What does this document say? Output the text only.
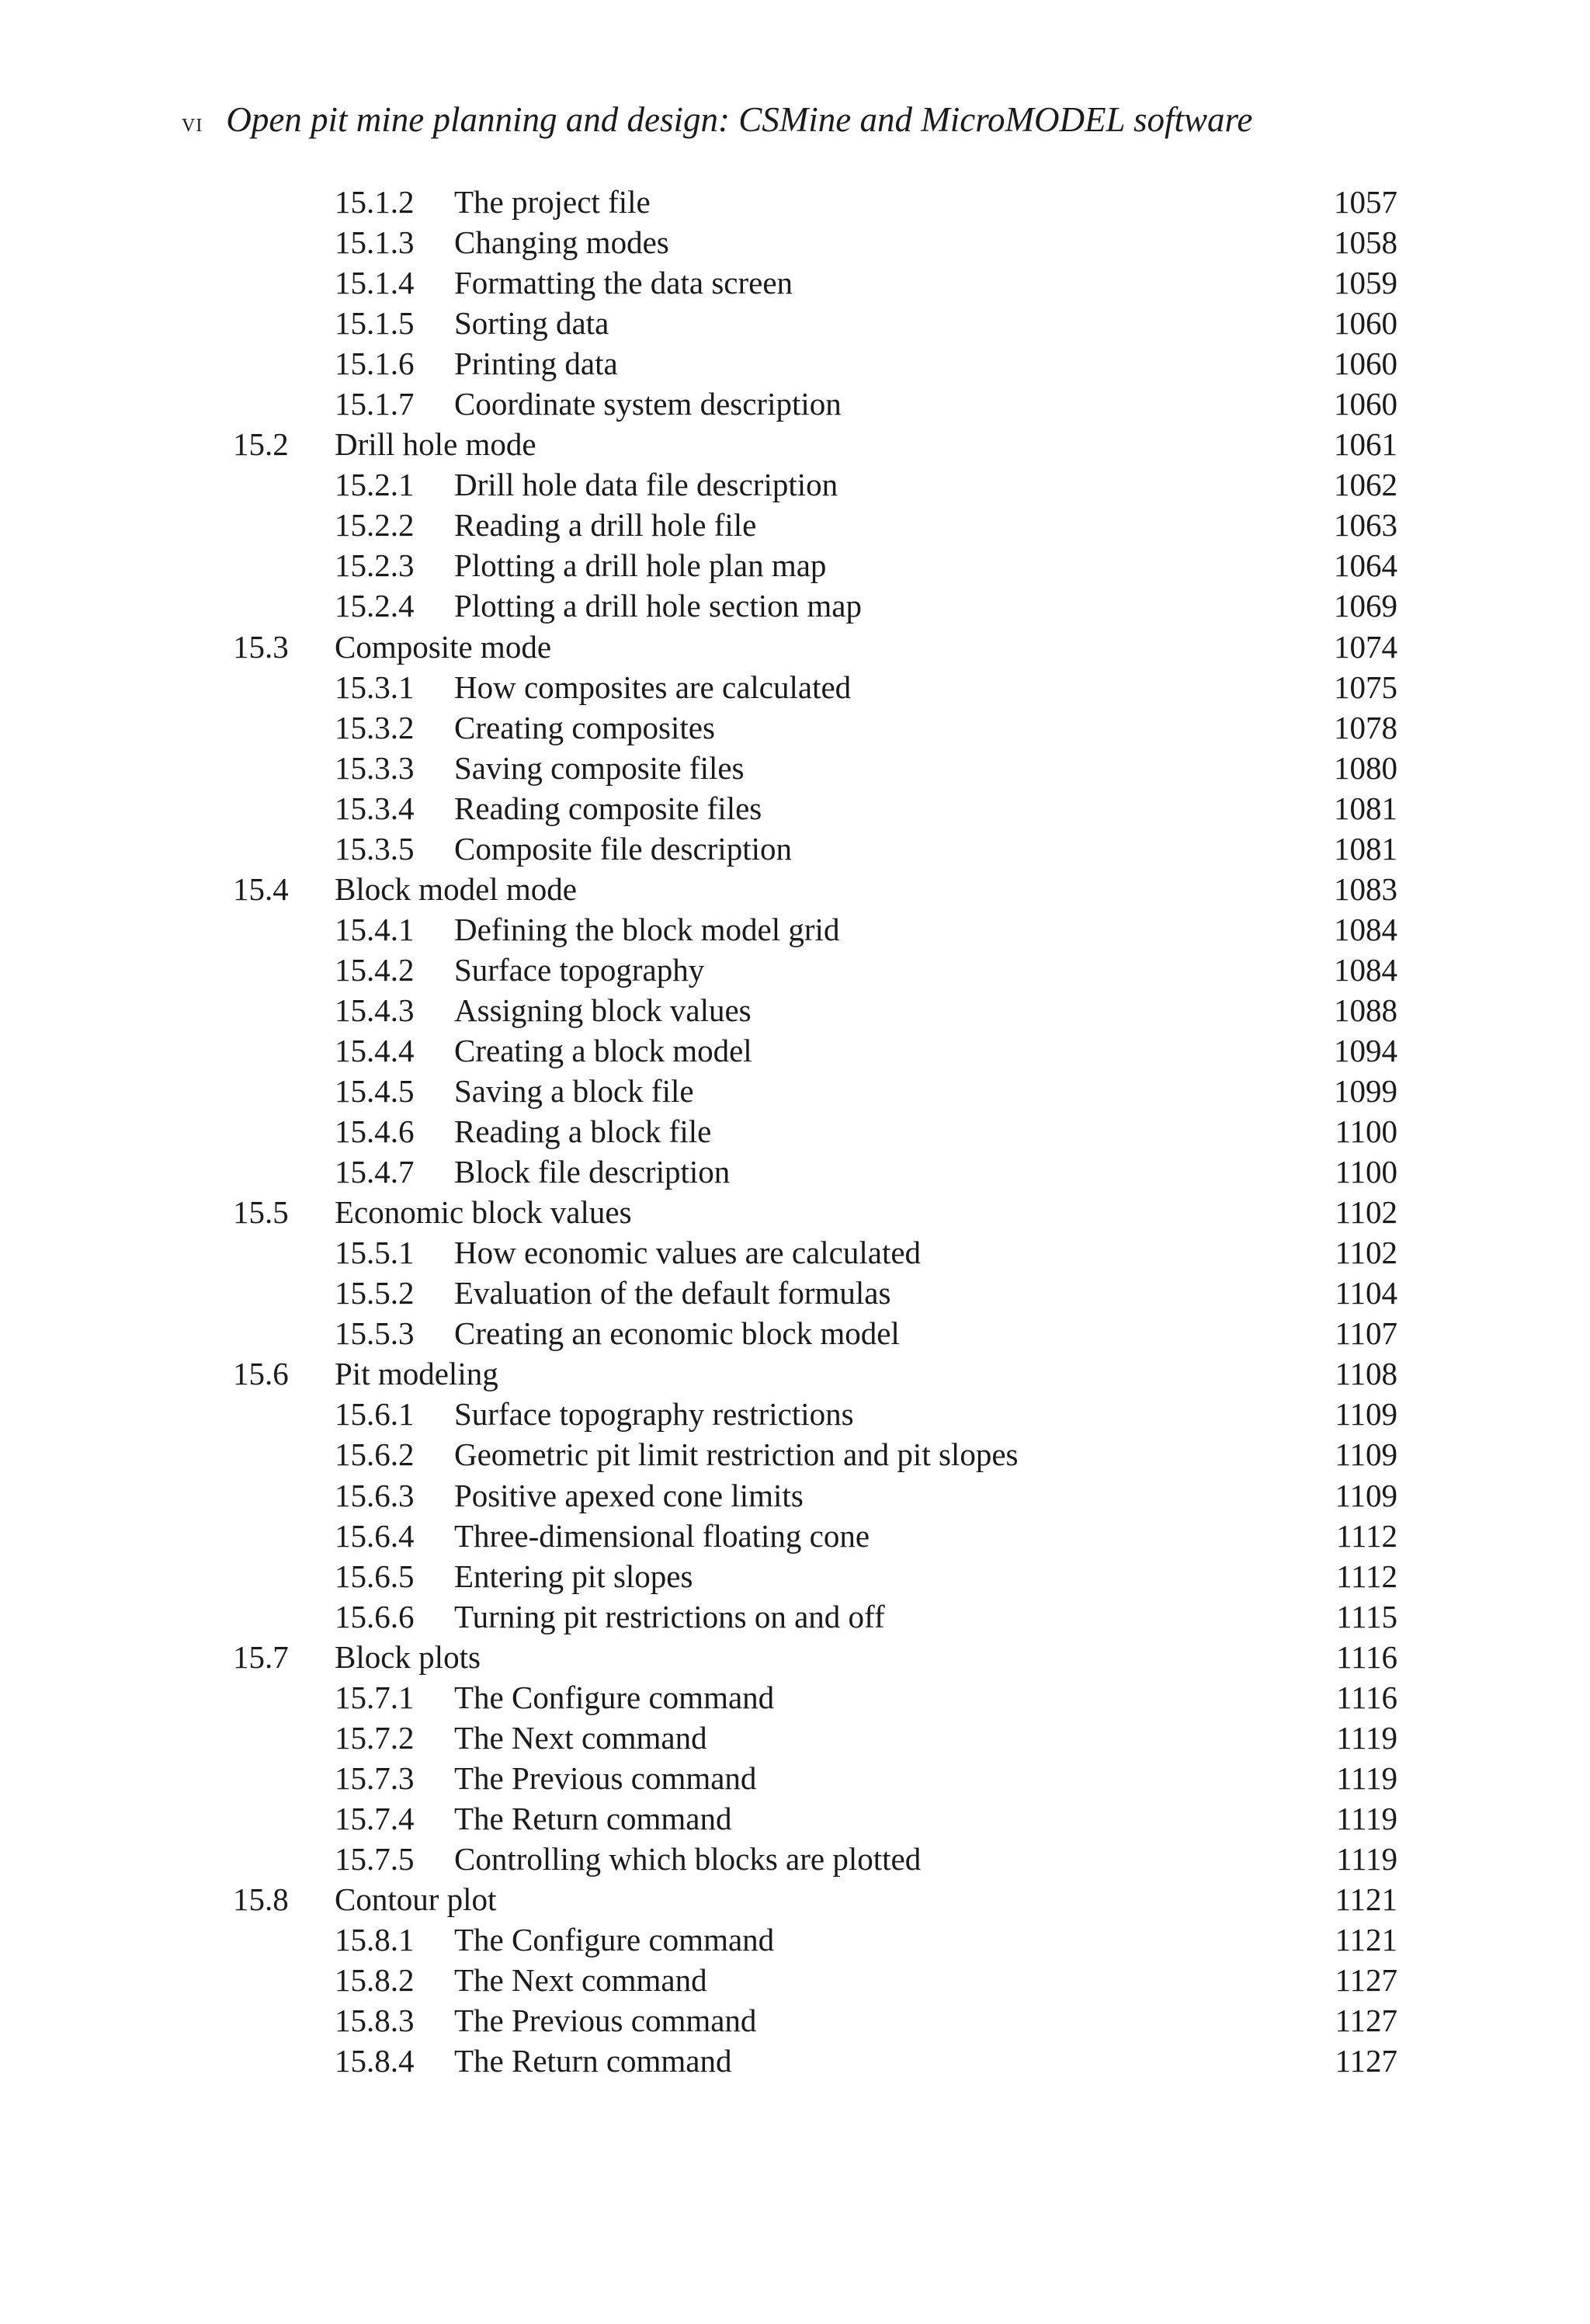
vi Open pit mine planning and design: CSMine and MicroMODEL software
15.1.2 The project file	1057
15.1.3 Changing modes	1058
15.1.4 Formatting the data screen	1059
15.1.5 Sorting data	1060
15.1.6 Printing data	1060
15.1.7 Coordinate system description	1060
15.2 Drill hole mode	1061
15.2.1 Drill hole data file description	1062
15.2.2 Reading a drill hole file	1063
15.2.3 Plotting a drill hole plan map	1064
15.2.4 Plotting a drill hole section map	1069
15.3 Composite mode	1074
15.3.1 How composites are calculated	1075
15.3.2 Creating composites	1078
15.3.3 Saving composite files	1080
15.3.4 Reading composite files	1081
15.3.5 Composite file description	1081
15.4 Block model mode	1083
15.4.1 Defining the block model grid	1084
15.4.2 Surface topography	1084
15.4.3 Assigning block values	1088
15.4.4 Creating a block model	1094
15.4.5 Saving a block file	1099
15.4.6 Reading a block file	1100
15.4.7 Block file description	1100
15.5 Economic block values	1102
15.5.1 How economic values are calculated	1102
15.5.2 Evaluation of the default formulas	1104
15.5.3 Creating an economic block model	1107
15.6 Pit modeling	1108
15.6.1 Surface topography restrictions	1109
15.6.2 Geometric pit limit restriction and pit slopes	1109
15.6.3 Positive apexed cone limits	1109
15.6.4 Three-dimensional floating cone	1112
15.6.5 Entering pit slopes	1112
15.6.6 Turning pit restrictions on and off	1115
15.7 Block plots	1116
15.7.1 The Configure command	1116
15.7.2 The Next command	1119
15.7.3 The Previous command	1119
15.7.4 The Return command	1119
15.7.5 Controlling which blocks are plotted	1119
15.8 Contour plot	1121
15.8.1 The Configure command	1121
15.8.2 The Next command	1127
15.8.3 The Previous command	1127
15.8.4 The Return command	1127
